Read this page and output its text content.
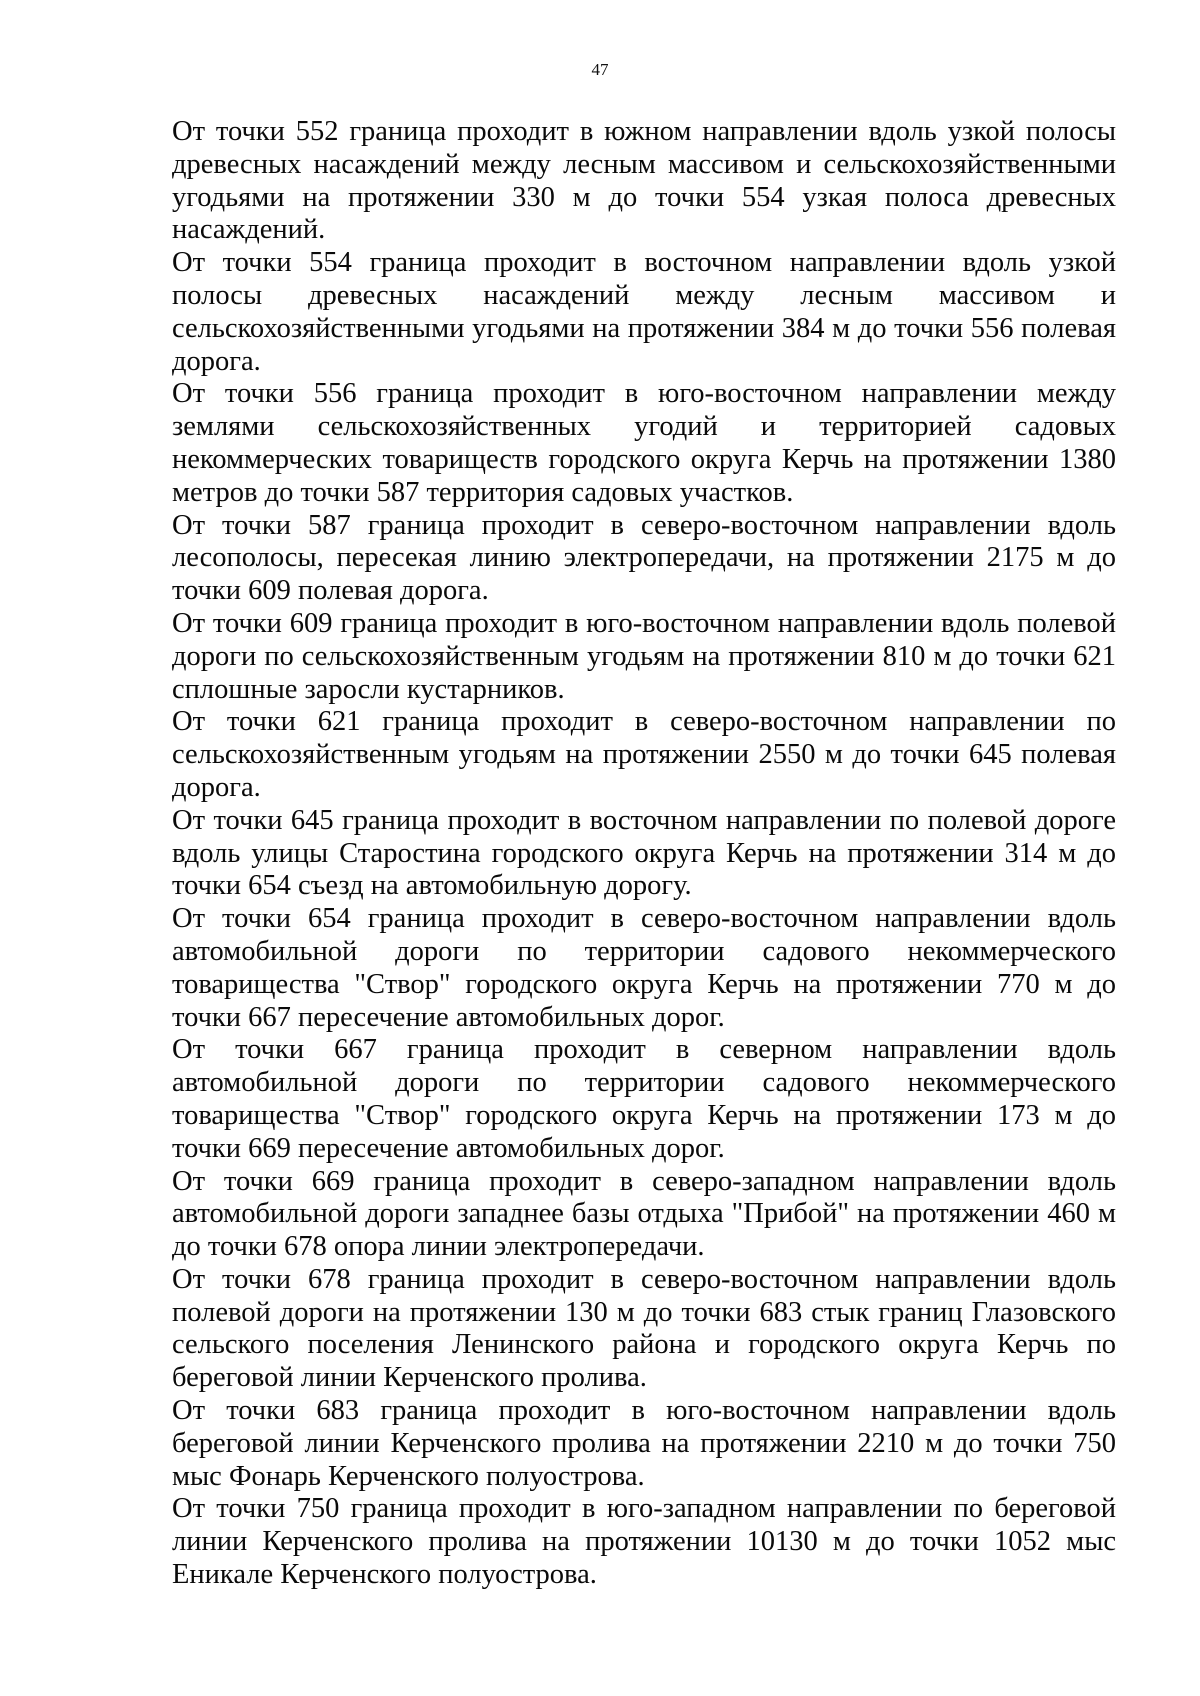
47

От точки 552 граница проходит в южном направлении вдоль узкой полосы древесных насаждений между лесным массивом и сельскохозяйственными угодьями на протяжении 330 м до точки 554 узкая полоса древесных насаждений.

От точки 554 граница проходит в восточном направлении вдоль узкой полосы древесных насаждений между лесным массивом и сельскохозяйственными угодьями на протяжении 384 м до точки 556 полевая дорога.

От точки 556 граница проходит в юго-восточном направлении между землями сельскохозяйственных угодий и территорией садовых некоммерческих товариществ городского округа Керчь на протяжении 1380 метров до точки 587 территория садовых участков.

От точки 587 граница проходит в северо-восточном направлении вдоль лесополосы, пересекая линию электропередачи, на протяжении 2175 м до точки 609 полевая дорога.

От точки 609 граница проходит в юго-восточном направлении вдоль полевой дороги по сельскохозяйственным угодьям на протяжении 810 м до точки 621 сплошные заросли кустарников.

От точки 621 граница проходит в северо-восточном направлении по сельскохозяйственным угодьям на протяжении 2550 м до точки 645 полевая дорога.

От точки 645 граница проходит в восточном направлении по полевой дороге вдоль улицы Старостина городского округа Керчь на протяжении 314 м до точки 654 съезд на автомобильную дорогу.

От точки 654 граница проходит в северо-восточном направлении вдоль автомобильной дороги по территории садового некоммерческого товарищества "Створ" городского округа Керчь на протяжении 770 м до точки 667 пересечение автомобильных дорог.

От точки 667 граница проходит в северном направлении вдоль автомобильной дороги по территории садового некоммерческого товарищества "Створ" городского округа Керчь на протяжении 173 м до точки 669 пересечение автомобильных дорог.

От точки 669 граница проходит в северо-западном направлении вдоль автомобильной дороги западнее базы отдыха "Прибой" на протяжении 460 м до точки 678 опора линии электропередачи.

От точки 678 граница проходит в северо-восточном направлении вдоль полевой дороги на протяжении 130 м до точки 683 стык границ Глазовского сельского поселения Ленинского района и городского округа Керчь по береговой линии Керченского пролива.

От точки 683 граница проходит в юго-восточном направлении вдоль береговой линии Керченского пролива на протяжении 2210 м до точки 750 мыс Фонарь Керченского полуострова.

От точки 750 граница проходит в юго-западном направлении по береговой линии Керченского пролива на протяжении 10130 м до точки 1052 мыс Еникале Керченского полуострова.
